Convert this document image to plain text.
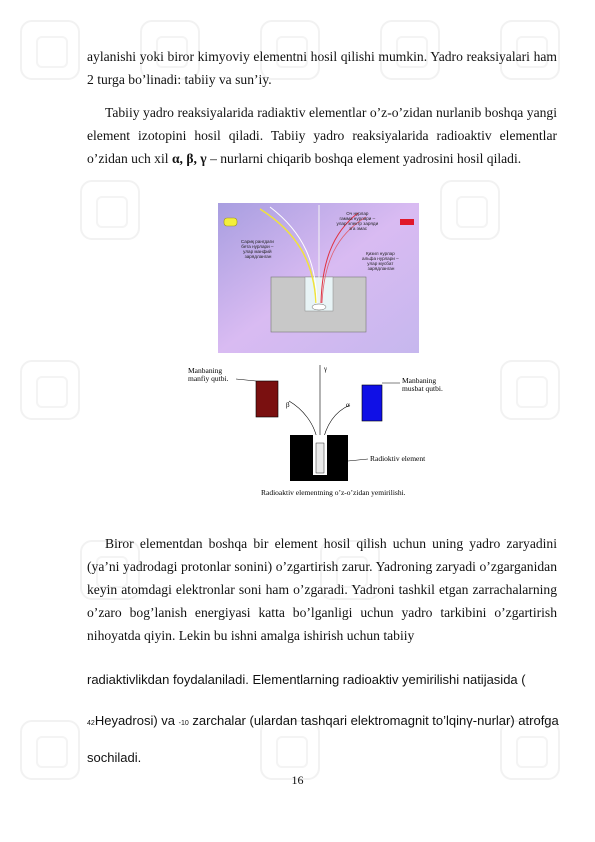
aylanishi yoki biror kimyoviy elementni hosil qilishi mumkin. Yadro reaksiyalari ham 2 turga bo’linadi: tabiiy va sun’iy.

Tabiiy yadro reaksiyalarida radiaktiv elementlar o’z-o’zidan nurlanib boshqa yangi element izotopini hosil qiladi. Tabiiy yadro reaksiyalarida radioaktiv elementlar o’zidan uch xil α, β, γ – nurlarni chiqarib boshqa element yadrosini hosil qiladi.

Сариқ рангдаги бета нурлари – улар манфий зарядланган
Оч нурлар гамма нурлари – улар электр заряди эга эмас
Қизил нурлар альфа нурлари – улар мусбат зарядланган
Manbaning manfiy qutbi.	Manbaning musbat qutbi.
β
γ
α
Radioktiv element
Radioaktiv elementning o’z-o’zidan yemirilishi.

Biror elementdan boshqa bir element hosil qilish uchun uning yadro zaryadini (ya’ni yadrodagi protonlar sonini) o’zgartirish zarur. Yadroning zaryadi o’zgarganidan keyin atomdagi elektronlar soni ham o’zgaradi. Yadroni tashkil etgan zarrachalarning o’zaro bog’lanish energiyasi katta bo’lganligi uchun yadro tarkibini o’zgartirish nihoyatda qiyin. Lekin bu ishni amalga ishirish uchun tabiiy

radiaktivlikdan foydalaniladi. Elementlarning radioaktiv yemirilishi natijasida (

42Heyadrosi) va -10 zarchalar (ulardan tashqari elektromagnit to’lqinγ-nurlar) atrofga

sochiladi.

16
